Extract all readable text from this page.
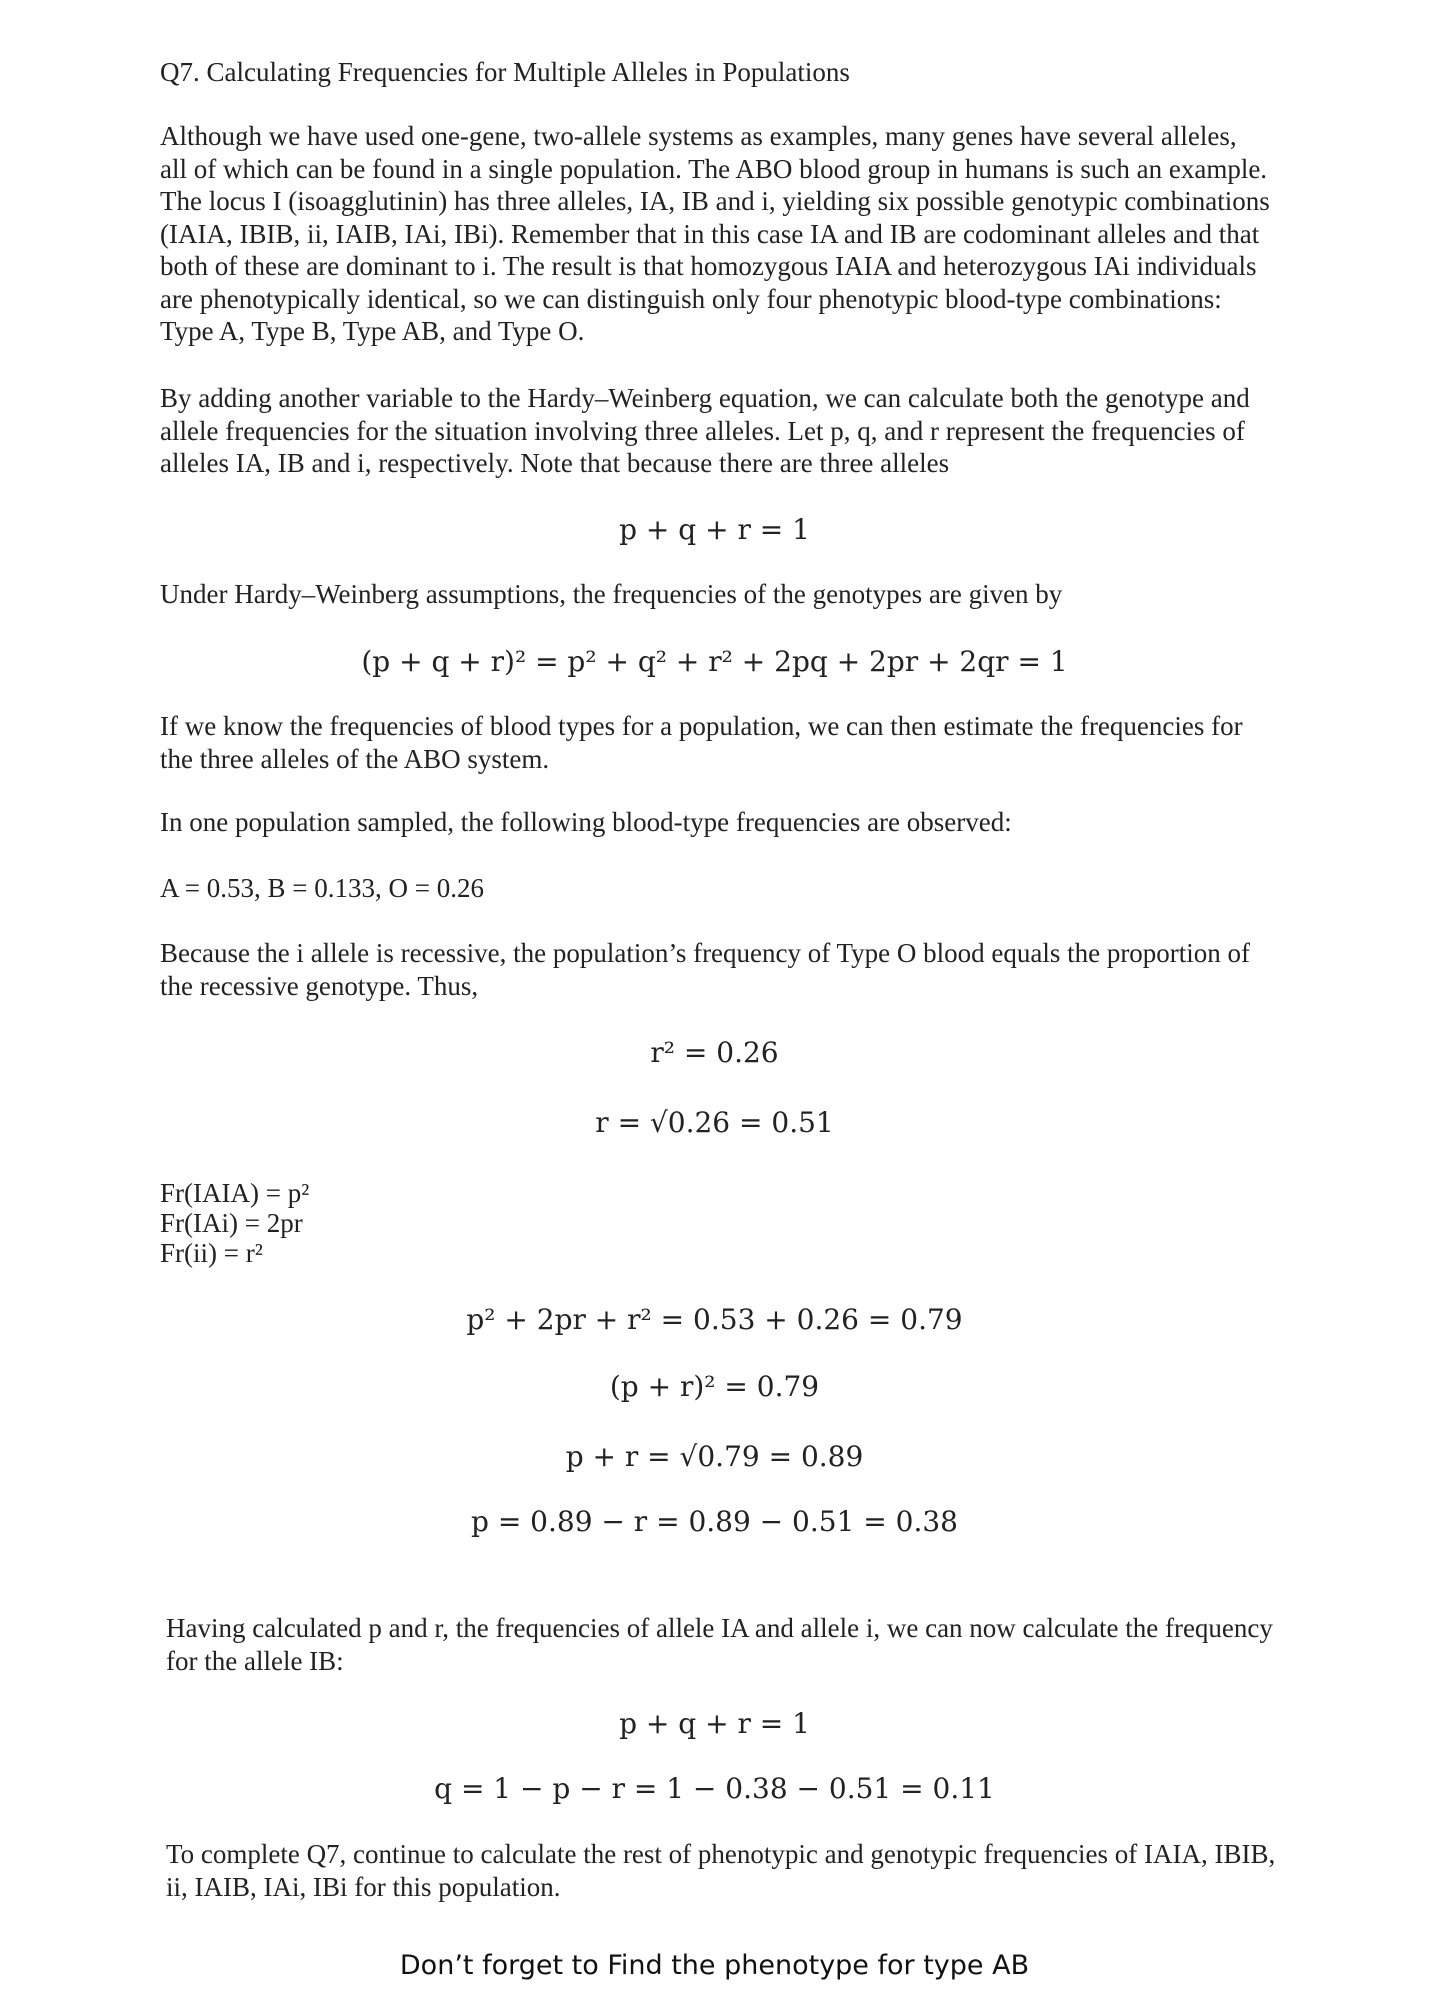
Q7. Calculating Frequencies for Multiple Alleles in Populations

Although we have used one-gene, two-allele systems as examples, many genes have several alleles, all of which can be found in a single population. The ABO blood group in humans is such an example. The locus I (isoagglutinin) has three alleles, IA, IB and i, yielding six possible genotypic combinations (IAIA, IBIB, ii, IAIB, IAi, IBi). Remember that in this case IA and IB are codominant alleles and that both of these are dominant to i. The result is that homozygous IAIA and heterozygous IAi individuals are phenotypically identical, so we can distinguish only four phenotypic blood-type combinations: Type A, Type B, Type AB, and Type O.

By adding another variable to the Hardy–Weinberg equation, we can calculate both the genotype and allele frequencies for the situation involving three alleles. Let p, q, and r represent the frequencies of alleles IA, IB and i, respectively. Note that because there are three alleles

p + q + r = 1

Under Hardy–Weinberg assumptions, the frequencies of the genotypes are given by

(p + q + r)² = p² + q² + r² + 2pq + 2pr + 2qr = 1

If we know the frequencies of blood types for a population, we can then estimate the frequencies for the three alleles of the ABO system.

In one population sampled, the following blood-type frequencies are observed:

A = 0.53, B = 0.133, O = 0.26

Because the i allele is recessive, the population’s frequency of Type O blood equals the proportion of the recessive genotype. Thus,

r² = 0.26
r = √0.26 = 0.51
Fr(IAIA) = p²
Fr(IAi) = 2pr
Fr(ii) = r²
p² + 2pr + r² = 0.53 + 0.26 = 0.79
(p + r)² = 0.79
p + r = √0.79 = 0.89
p = 0.89 − r = 0.89 − 0.51 = 0.38

Having calculated p and r, the frequencies of allele IA and allele i, we can now calculate the frequency for the allele IB:

p + q + r = 1
q = 1 − p − r = 1 − 0.38 − 0.51 = 0.11

To complete Q7, continue to calculate the rest of phenotypic and genotypic frequencies of IAIA, IBIB, ii, IAIB, IAi, IBi for this population.

Don’t forget to Find the phenotype for type AB
